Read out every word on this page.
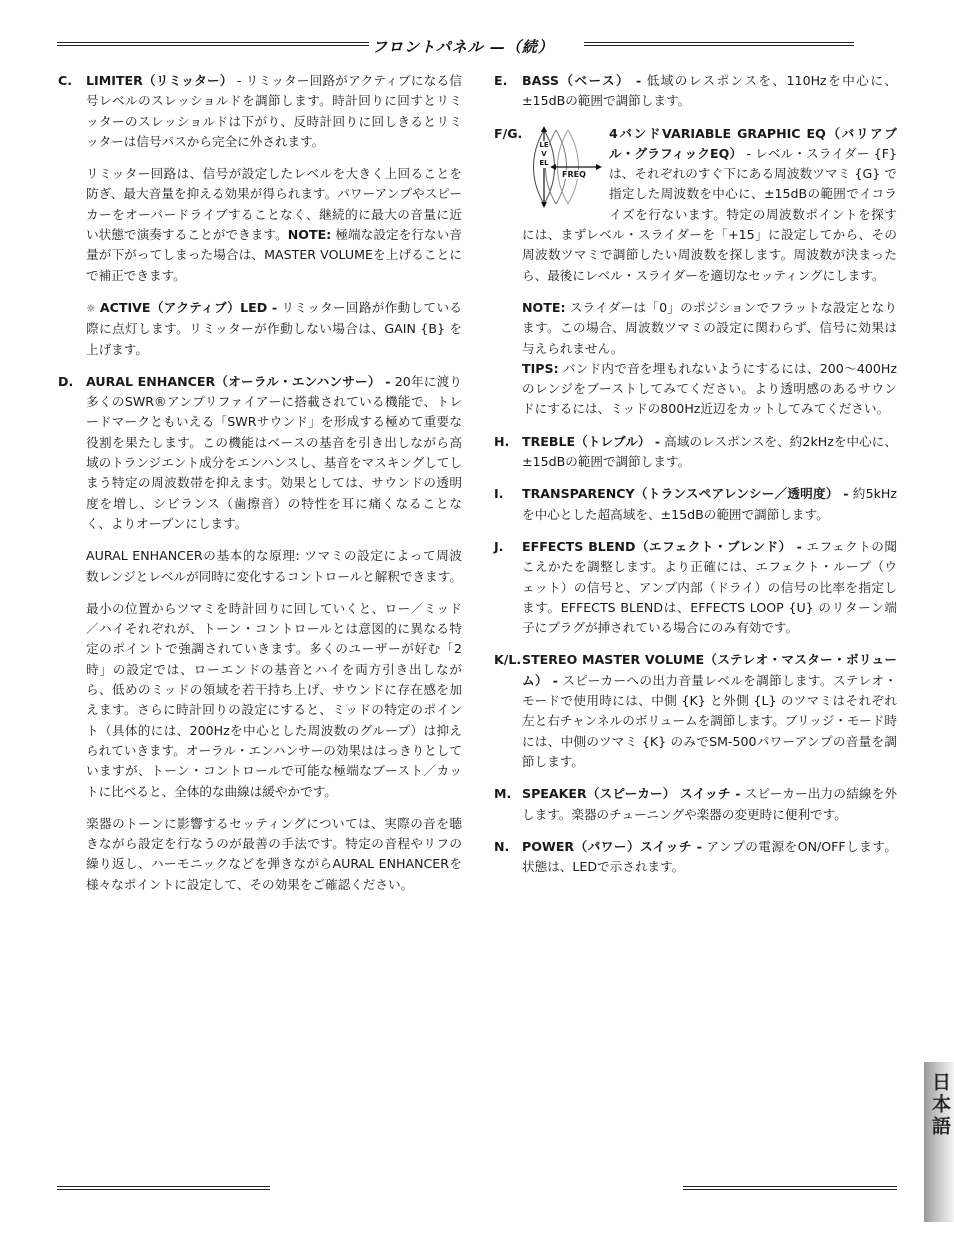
フロントパネル —（続）
C. LIMITER（リミッター） - リミッター回路がアクティブになる信号レベルのスレッショルドを調節します。時計回りに回すとリミッターのスレッショルドは下がり、反時計回りに回しきるとリミッターは信号パスから完全に外されます。

リミッター回路は、信号が設定したレベルを大きく上回ることを防ぎ、最大音量を抑える効果が得られます。パワーアンプやスピーカーをオーバードライブすることなく、継続的に最大の音量に近い状態で演奏することができます。NOTE: 極端な設定を行ない音量が下がってしまった場合は、MASTER VOLUMEを上げることにで補正できます。

☼ ACTIVE（アクティブ）LED - リミッター回路が作動している際に点灯します。リミッターが作動しない場合は、GAIN {B} を上げます。

D. AURAL ENHANCER（オーラル・エンハンサー） - 20年に渡り多くのSWR®アンプリファイアーに搭載されている機能で、トレードマークともいえる「SWRサウンド」を形成する極めて重要な役割を果たします。この機能はベースの基音を引き出しながら高域のトランジエント成分をエンハンスし、基音をマスキングしてしまう特定の周波数帯を抑えます。効果としては、サウンドの透明度を増し、シビランス（歯擦音）の特性を耳に痛くなることなく、よりオープンにします。

AURAL ENHANCERの基本的な原理: ツマミの設定によって周波数レンジとレベルが同時に変化するコントロールと解釈できます。

最小の位置からツマミを時計回りに回していくと、ロー／ミッド／ハイそれぞれが、トーン・コントロールとは意図的に異なる特定のポイントで強調されていきます。多くのユーザーが好む「2時」の設定では、ローエンドの基音とハイを両方引き出しながら、低めのミッドの領域を若干持ち上げ、サウンドに存在感を加えます。さらに時計回りの設定にすると、ミッドの特定のポイント（具体的には、200Hzを中心とした周波数のグループ）は抑えられていきます。オーラル・エンハンサーの効果ははっきりとしていますが、トーン・コントロールで可能な極端なブースト／カットに比べると、全体的な曲線は緩やかです。

楽器のトーンに影響するセッティングについては、実際の音を聴きながら設定を行なうのが最善の手法です。特定の音程やリフの繰り返し、ハーモニックなどを弾きながらAURAL ENHANCERを様々なポイントに設定して、その効果をご確認ください。

E. BASS（ベース） - 低域のレスポンスを、110Hzを中心に、±15dBの範囲で調節します。

F/G.
LEVEL
FREQ

4バンドVARIABLE GRAPHIC EQ（バリアブル・グラフィックEQ） - レベル・スライダー {F} は、それぞれのすぐ下にある周波数ツマミ {G} で指定した周波数を中心に、±15dBの範囲でイコライズを行ないます。特定の周波数ポイントを探すには、まずレベル・スライダーを「+15」に設定してから、その周波数ツマミで調節したい周波数を探します。周波数が決まったら、最後にレベル・スライダーを適切なセッティングにします。

NOTE: スライダーは「0」のポジションでフラットな設定となります。この場合、周波数ツマミの設定に関わらず、信号に効果は与えられません。

TIPS: バンド内で音を埋もれないようにするには、200～400Hzのレンジをブーストしてみてください。より透明感のあるサウンドにするには、ミッドの800Hz近辺をカットしてみてください。

H. TREBLE（トレブル） - 高域のレスポンスを、約2kHzを中心に、±15dBの範囲で調節します。

I. TRANSPARENCY（トランスペアレンシー／透明度） - 約5kHzを中心とした超高域を、±15dBの範囲で調節します。

J. EFFECTS BLEND（エフェクト・ブレンド） - エフェクトの聞こえかたを調整します。より正確には、エフェクト・ループ（ウェット）の信号と、アンプ内部（ドライ）の信号の比率を指定します。EFFECTS BLENDは、EFFECTS LOOP {U} のリターン端子にプラグが挿されている場合にのみ有効です。

K/L. STEREO MASTER VOLUME（ステレオ・マスター・ボリューム） - スピーカーへの出力音量レベルを調節します。ステレオ・モードで使用時には、中側 {K} と外側 {L} のツマミはそれぞれ左と右チャンネルのボリュームを調節します。ブリッジ・モード時には、中側のツマミ {K} のみでSM-500パワーアンプの音量を調節します。

M. SPEAKER（スピーカー） スイッチ - スピーカー出力の結線を外します。楽器のチューニングや楽器の変更時に便利です。

N. POWER（パワー）スイッチ - アンプの電源をON/OFFします。状態は、LEDで示されます。

日本語
